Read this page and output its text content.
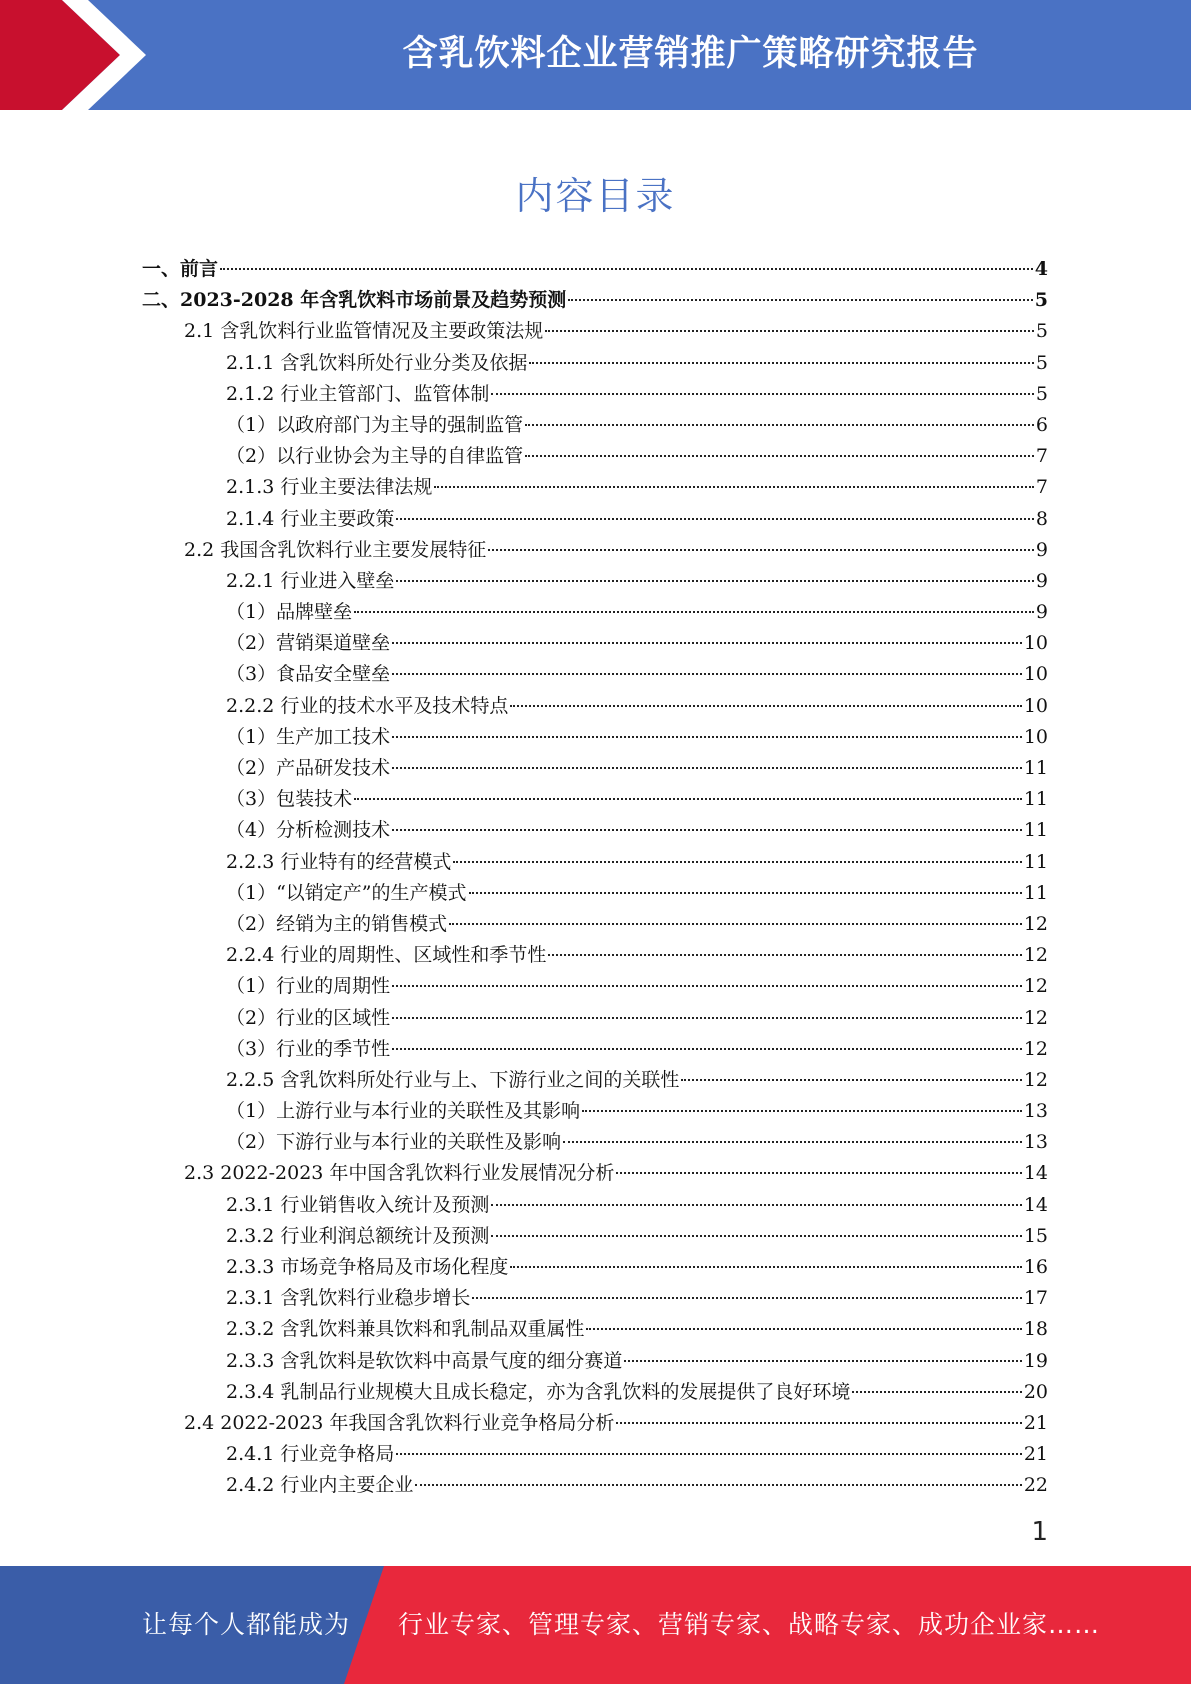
含乳饮料企业营销推广策略研究报告
内容目录
一、前言	4
二、2023-2028 年含乳饮料市场前景及趋势预测	5
2.1 含乳饮料行业监管情况及主要政策法规	5
2.1.1 含乳饮料所处行业分类及依据	5
2.1.2 行业主管部门、监管体制	5
（1）以政府部门为主导的强制监管	6
（2）以行业协会为主导的自律监管	7
2.1.3 行业主要法律法规	7
2.1.4 行业主要政策	8
2.2 我国含乳饮料行业主要发展特征	9
2.2.1 行业进入壁垒	9
（1）品牌壁垒	9
（2）营销渠道壁垒	10
（3）食品安全壁垒	10
2.2.2 行业的技术水平及技术特点	10
（1）生产加工技术	10
（2）产品研发技术	11
（3）包装技术	11
（4）分析检测技术	11
2.2.3 行业特有的经营模式	11
（1）“以销定产”的生产模式	11
（2）经销为主的销售模式	12
2.2.4 行业的周期性、区域性和季节性	12
（1）行业的周期性	12
（2）行业的区域性	12
（3）行业的季节性	12
2.2.5 含乳饮料所处行业与上、下游行业之间的关联性	12
（1）上游行业与本行业的关联性及其影响	13
（2）下游行业与本行业的关联性及影响	13
2.3 2022-2023 年中国含乳饮料行业发展情况分析	14
2.3.1 行业销售收入统计及预测	14
2.3.2 行业利润总额统计及预测	15
2.3.3 市场竞争格局及市场化程度	16
2.3.1 含乳饮料行业稳步增长	17
2.3.2 含乳饮料兼具饮料和乳制品双重属性	18
2.3.3 含乳饮料是软饮料中高景气度的细分赛道	19
2.3.4 乳制品行业规模大且成长稳定，亦为含乳饮料的发展提供了良好环境	20
2.4 2022-2023 年我国含乳饮料行业竞争格局分析	21
2.4.1 行业竞争格局	21
2.4.2 行业内主要企业	22
1
让每个人都能成为 行业专家、管理专家、营销专家、战略专家、成功企业家……
